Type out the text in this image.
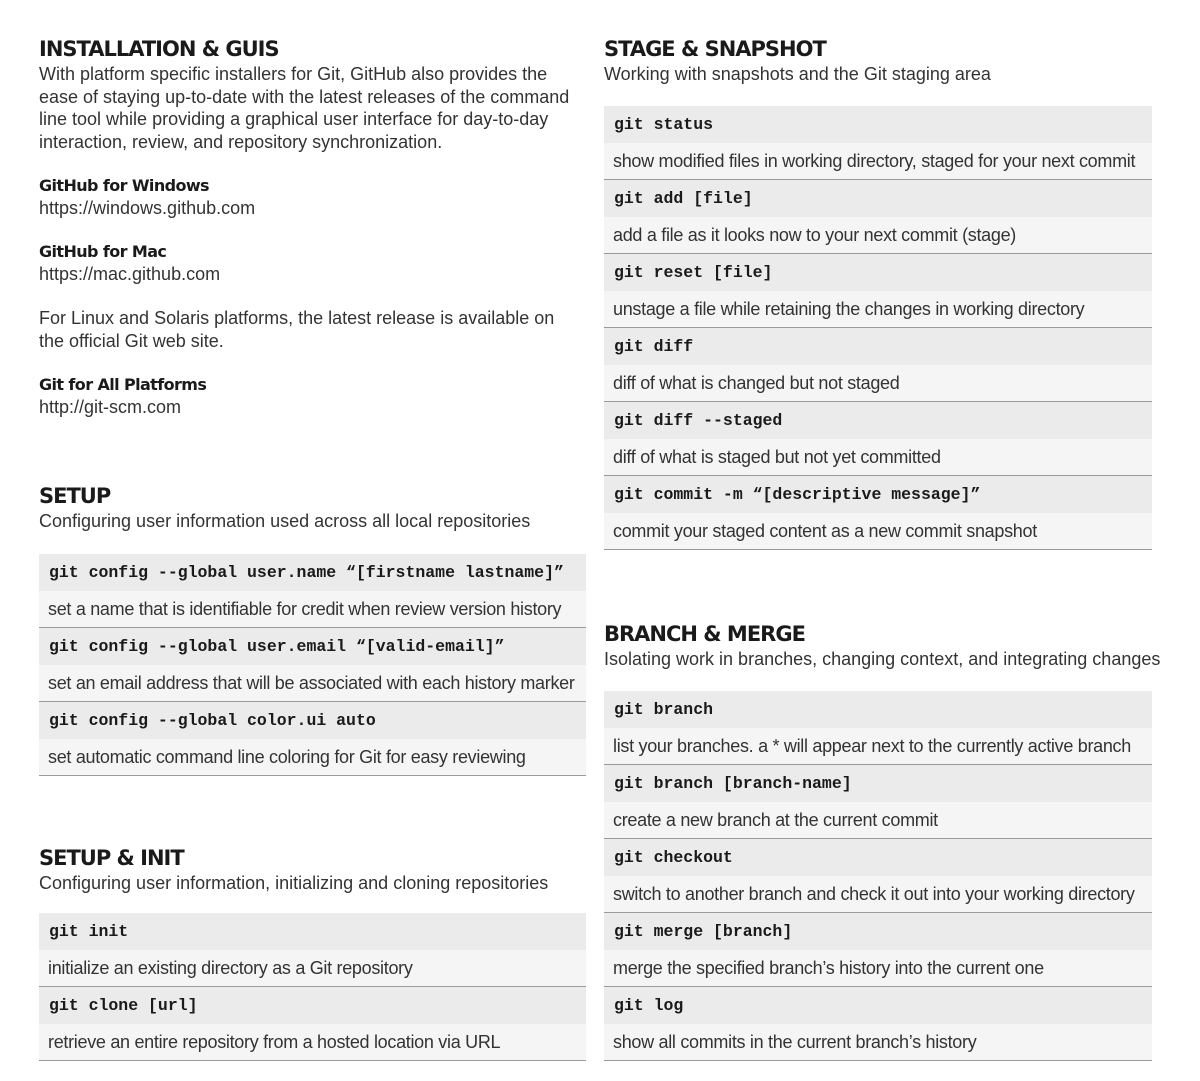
INSTALLATION & GUIS

With platform specific installers for Git, GitHub also provides the

ease of staying up-to-date with the latest releases of the command

line tool while providing a graphical user interface for day-to-day

interaction, review, and repository synchronization.

GitHub for Windows
https://windows.github.com
GitHub for Mac
https://mac.github.com

For Linux and Solaris platforms, the latest release is available on

the official Git web site.

Git for All Platforms
http://git-scm.com
SETUP
Configuring user information used across all local repositories
git config --global user.name “[firstname lastname]”
set a name that is identifiable for credit when review version history
git config --global user.email “[valid-email]”
set an email address that will be associated with each history marker
git config --global color.ui auto
set automatic command line coloring for Git for easy reviewing
SETUP & INIT
Configuring user information, initializing and cloning repositories
git init
initialize an existing directory as a Git repository
git clone [url]
retrieve an entire repository from a hosted location via URL
STAGE & SNAPSHOT
Working with snapshots and the Git staging area
git status
show modified files in working directory, staged for your next commit
git add [file]
add a file as it looks now to your next commit (stage)
git reset [file]
unstage a file while retaining the changes in working directory
git diff
diff of what is changed but not staged
git diff --staged
diff of what is staged but not yet committed
git commit -m “[descriptive message]”
commit your staged content as a new commit snapshot
BRANCH & MERGE
Isolating work in branches, changing context, and integrating changes
git branch
list your branches. a * will appear next to the currently active branch
git branch [branch-name]
create a new branch at the current commit
git checkout
switch to another branch and check it out into your working directory
git merge [branch]
merge the specified branch’s history into the current one
git log
show all commits in the current branch’s history
